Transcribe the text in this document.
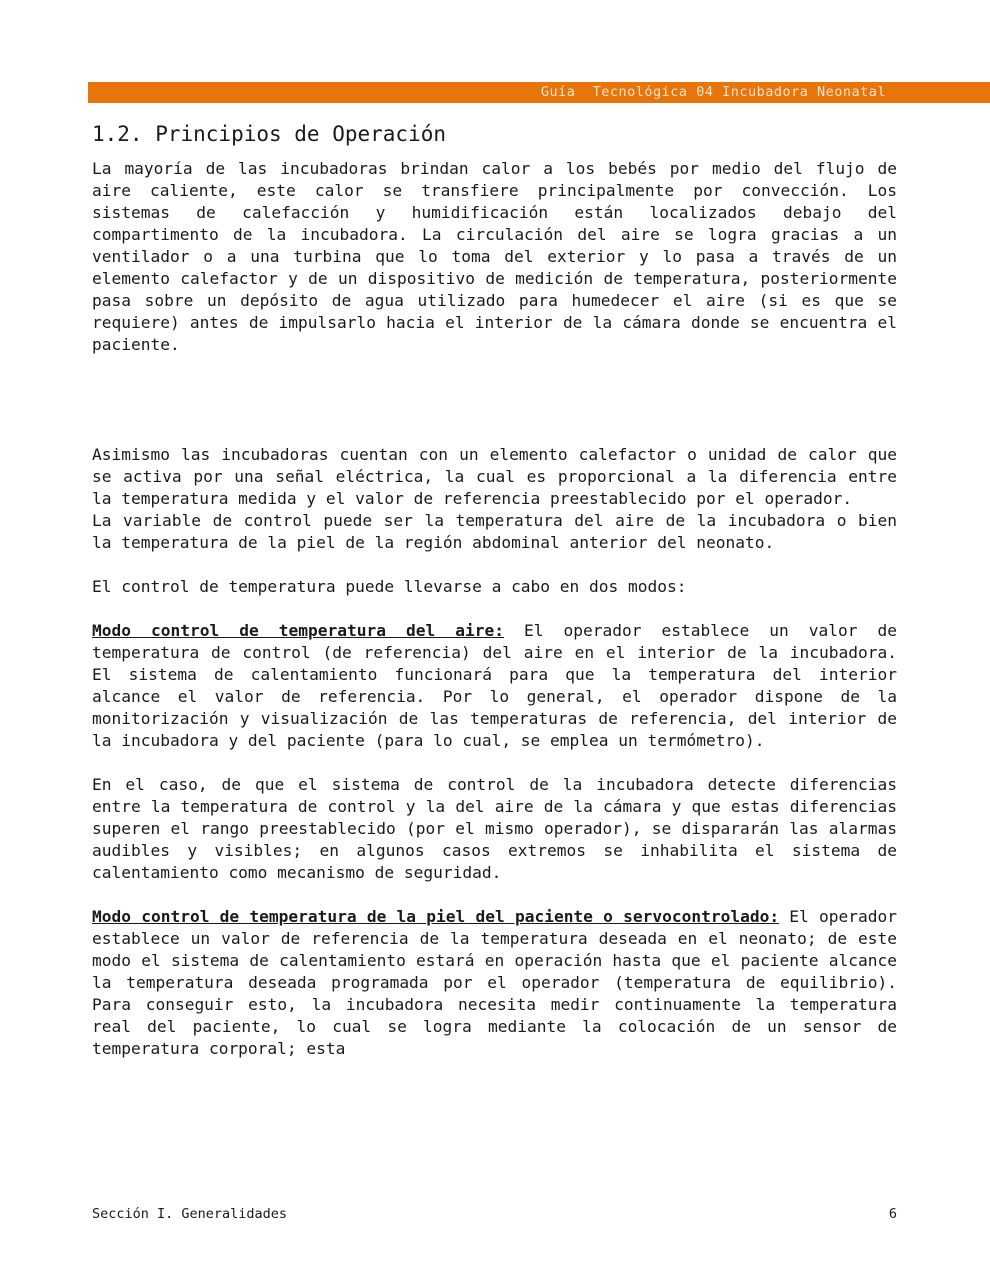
Guía  Tecnológica 04 Incubadora Neonatal
1.2. Principios de Operación

La mayoría de las incubadoras brindan calor a los bebés por medio del flujo de aire caliente, este calor se transfiere principalmente por convección. Los sistemas de calefacción y humidificación están localizados debajo del compartimento de la incubadora. La circulación del aire se logra gracias a un ventilador o a una turbina que lo toma del exterior y lo pasa a través de un elemento calefactor y de un dispositivo de medición de temperatura, posteriormente pasa sobre un depósito de agua utilizado para humedecer el aire (si es que se requiere) antes de impulsarlo hacia el interior de la cámara donde se encuentra el paciente.

Asimismo las incubadoras cuentan con un elemento calefactor o unidad de calor que se activa por una señal eléctrica, la cual es proporcional a la diferencia entre la temperatura medida y el valor de referencia preestablecido por el operador.

La variable de control puede ser la temperatura del aire de la incubadora o bien la temperatura de la piel de la región abdominal anterior del neonato.

El control de temperatura puede llevarse a cabo en dos modos:

Modo control de temperatura del aire: El operador establece un valor de temperatura de control (de referencia) del aire en el interior de la incubadora. El sistema de calentamiento funcionará para que la temperatura del interior alcance el valor de referencia. Por lo general, el operador dispone de la monitorización y visualización de las temperaturas de referencia, del interior de la incubadora y del paciente (para lo cual, se emplea un termómetro).

En el caso, de que el sistema de control de la incubadora detecte diferencias entre la temperatura de control y la del aire de la cámara y que estas diferencias superen el rango preestablecido (por el mismo operador), se dispararán las alarmas audibles y visibles; en algunos casos extremos se inhabilita el sistema de calentamiento como mecanismo de seguridad.

Modo control de temperatura de la piel del paciente o servocontrolado: El operador establece un valor de referencia de la temperatura deseada en el neonato; de este modo el sistema de calentamiento estará en operación hasta que el paciente alcance la temperatura deseada programada por el operador (temperatura de equilibrio). Para conseguir esto, la incubadora necesita medir continuamente la temperatura real del paciente, lo cual se logra mediante la colocación de un sensor de temperatura corporal; esta

Sección I. Generalidades	6
